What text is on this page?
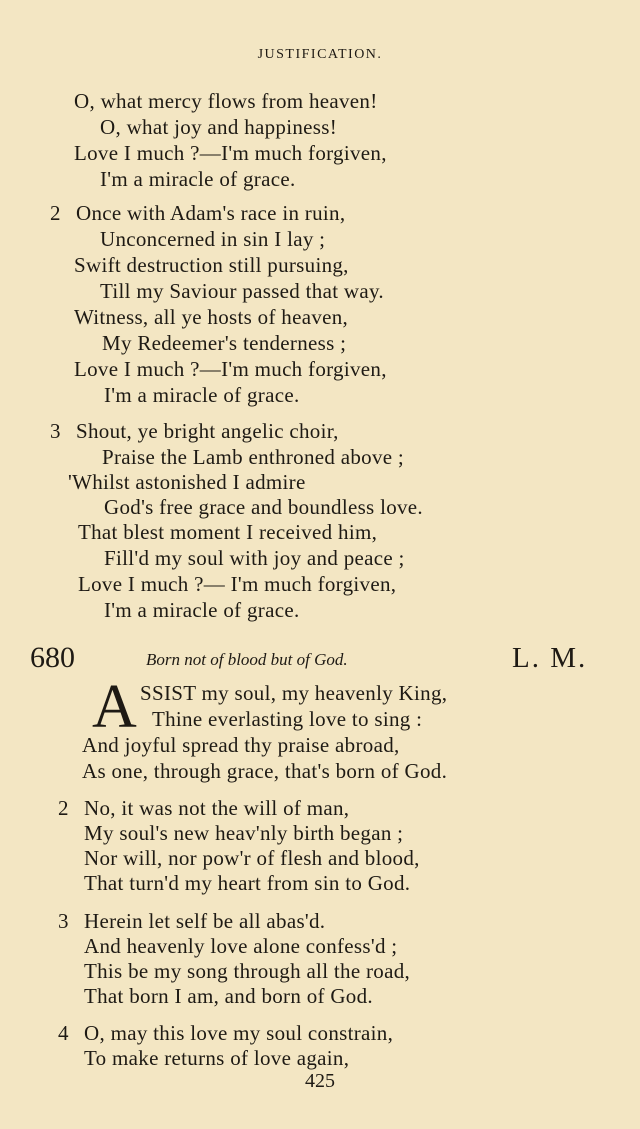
JUSTIFICATION.
O, what mercy flows from heaven!
O, what joy and happiness!
Love I much ?—I'm much forgiven,
I'm a miracle of grace.
2 Once with Adam's race in ruin,
Unconcerned in sin I lay ;
Swift destruction still pursuing,
Till my Saviour passed that way.
Witness, all ye hosts of heaven,
My Redeemer's tenderness ;
Love I much ?—I'm much forgiven,
I'm a miracle of grace.
3 Shout, ye bright angelic choir,
Praise the Lamb enthroned above ;
'Whilst astonished I admire
God's free grace and boundless love.
That blest moment I received him,
Fill'd my soul with joy and peace ;
Love I much ?— I'm much forgiven,
I'm a miracle of grace.
680	Born not of blood but of God.	L. M.
A SSIST my soul, my heavenly King,
Thine everlasting love to sing :
And joyful spread thy praise abroad,
As one, through grace, that's born of God.
2 No, it was not the will of man,
My soul's new heav'nly birth began ;
Nor will, nor pow'r of flesh and blood,
That turn'd my heart from sin to God.
3 Herein let self be all abas'd.
And heavenly love alone confess'd ;
This be my song through all the road,
That born I am, and born of God.
4 O, may this love my soul constrain,
To make returns of love again,
425
